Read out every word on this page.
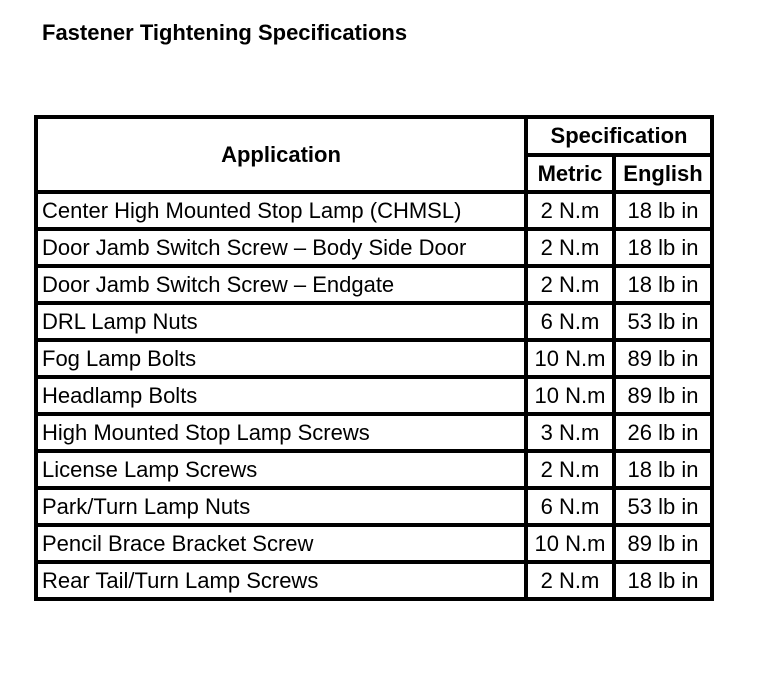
Fastener Tightening Specifications
Application	Specification	
	Metric	English
Center High Mounted Stop Lamp (CHMSL)	2 N.m	18 lb in
Door Jamb Switch Screw – Body Side Door	2 N.m	18 lb in
Door Jamb Switch Screw – Endgate	2 N.m	18 lb in
DRL Lamp Nuts	6 N.m	53 lb in
Fog Lamp Bolts	10 N.m	89 lb in
Headlamp Bolts	10 N.m	89 lb in
High Mounted Stop Lamp Screws	3 N.m	26 lb in
License Lamp Screws	2 N.m	18 lb in
Park/Turn Lamp Nuts	6 N.m	53 lb in
Pencil Brace Bracket Screw	10 N.m	89 lb in
Rear Tail/Turn Lamp Screws	2 N.m	18 lb in
